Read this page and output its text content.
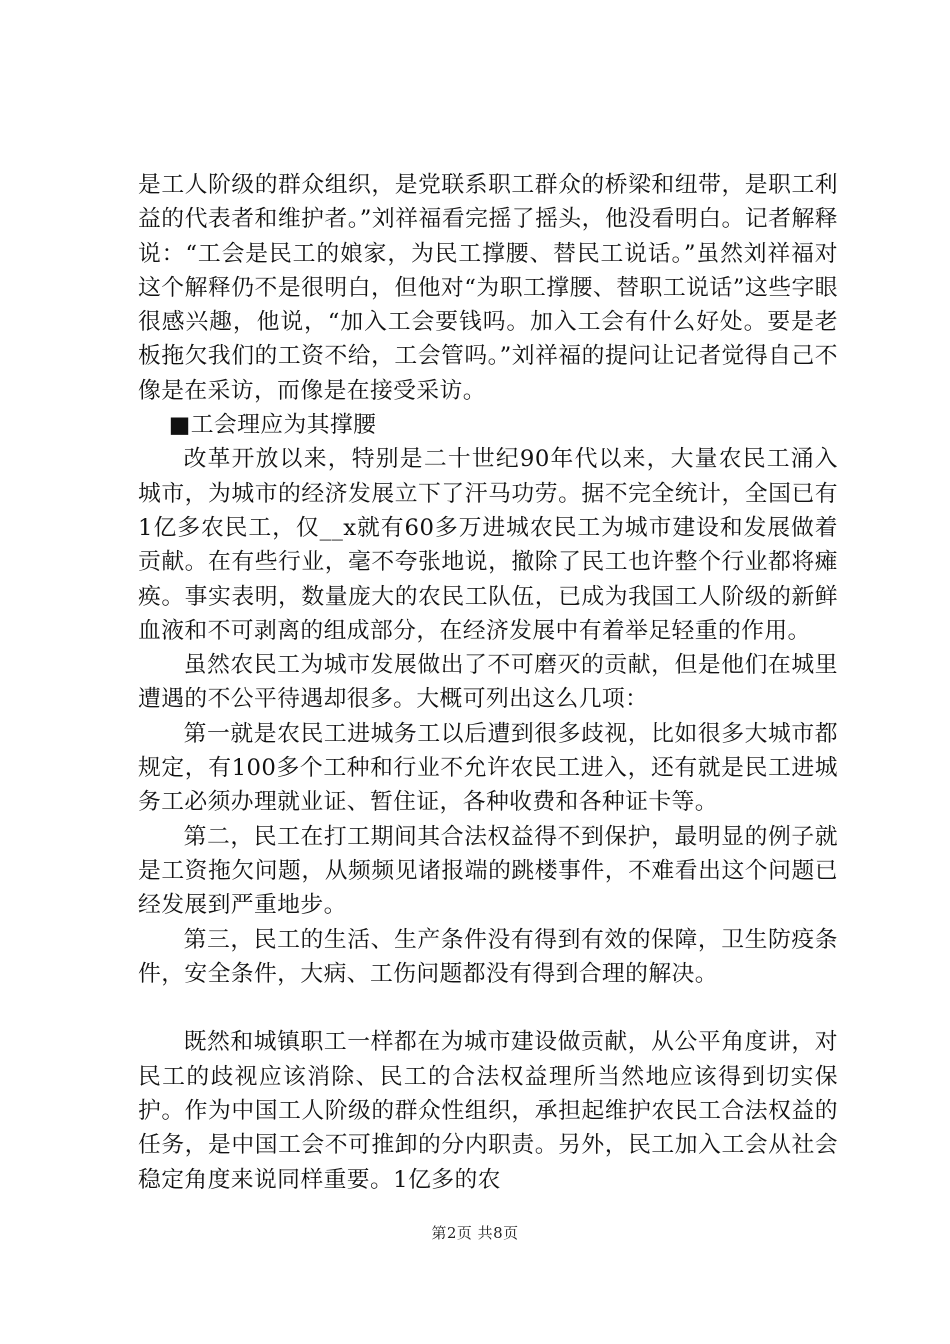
是工人阶级的群众组织，是党联系职工群众的桥梁和纽带，是职工利益的代表者和维护者。”刘祥福看完摇了摇头，他没看明白。记者解释说：“工会是民工的娘家，为民工撑腰、替民工说话。”虽然刘祥福对这个解释仍不是很明白，但他对“为职工撑腰、替职工说话”这些字眼很感兴趣，他说，“加入工会要钱吗。加入工会有什么好处。要是老板拖欠我们的工资不给，工会管吗。”刘祥福的提问让记者觉得自己不像是在采访，而像是在接受采访。

■工会理应为其撑腰

改革开放以来，特别是二十世纪90年代以来，大量农民工涌入城市，为城市的经济发展立下了汗马功劳。据不完全统计，全国已有1亿多农民工，仅__x就有60多万进城农民工为城市建设和发展做着贡献。在有些行业，毫不夸张地说，撤除了民工也许整个行业都将瘫痪。事实表明，数量庞大的农民工队伍，已成为我国工人阶级的新鲜血液和不可剥离的组成部分，在经济发展中有着举足轻重的作用。

虽然农民工为城市发展做出了不可磨灭的贡献，但是他们在城里遭遇的不公平待遇却很多。大概可列出这么几项：

第一就是农民工进城务工以后遭到很多歧视，比如很多大城市都规定，有100多个工种和行业不允许农民工进入，还有就是民工进城务工必须办理就业证、暂住证，各种收费和各种证卡等。

第二，民工在打工期间其合法权益得不到保护，最明显的例子就是工资拖欠问题，从频频见诸报端的跳楼事件，不难看出这个问题已经发展到严重地步。

第三，民工的生活、生产条件没有得到有效的保障，卫生防疫条件，安全条件，大病、工伤问题都没有得到合理的解决。

既然和城镇职工一样都在为城市建设做贡献，从公平角度讲，对民工的歧视应该消除、民工的合法权益理所当然地应该得到切实保护。作为中国工人阶级的群众性组织，承担起维护农民工合法权益的任务，是中国工会不可推卸的分内职责。另外，民工加入工会从社会稳定角度来说同样重要。1亿多的农

第2页 共8页
